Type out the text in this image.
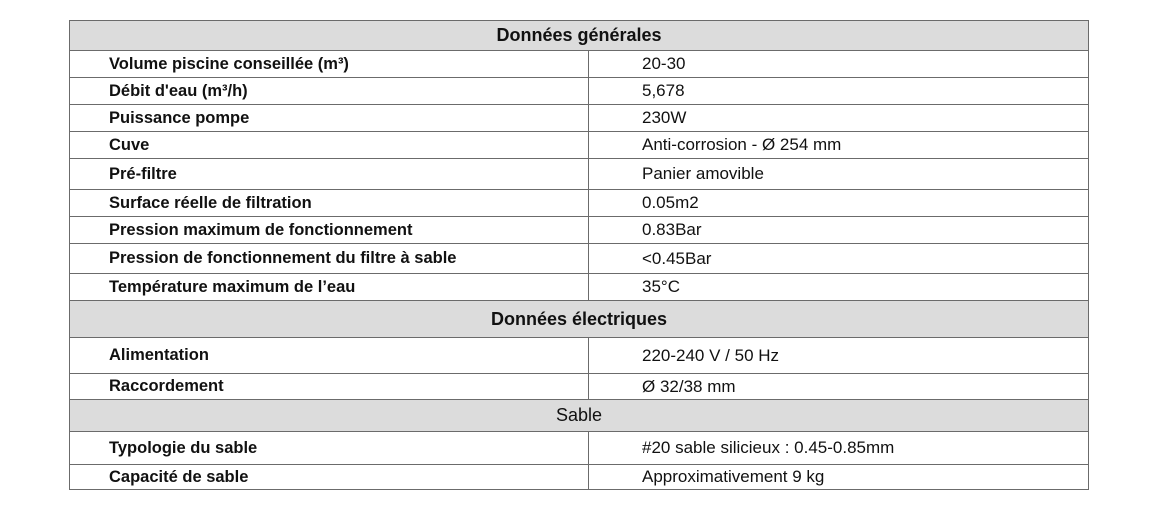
Données générales	
Volume piscine conseillée (m³)	20-30
Débit d'eau (m³/h)	5,678
Puissance pompe	230W
Cuve	Anti-corrosion - Ø 254 mm
Pré-filtre	Panier amovible
Surface réelle de filtration	0.05m2
Pression maximum de fonctionnement	0.83Bar
Pression de fonctionnement du filtre à sable	<0.45Bar
Température maximum de l’eau	35°C
Données électriques	
Alimentation	220-240 V / 50 Hz
Raccordement	Ø 32/38 mm
Sable	
Typologie du sable	#20 sable silicieux : 0.45-0.85mm
Capacité de sable	Approximativement 9 kg
